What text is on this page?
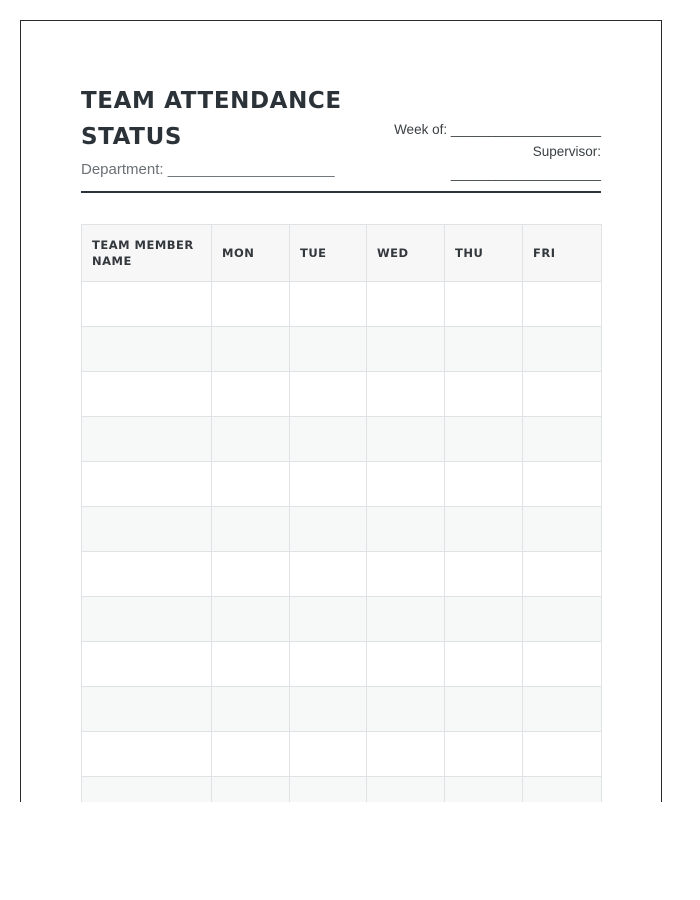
TEAM ATTENDANCE STATUS
Department: ____________________
Week of: ____________________
Supervisor:
____________________
TEAM MEMBER NAME	MON	TUE	WED	THU	FRI
